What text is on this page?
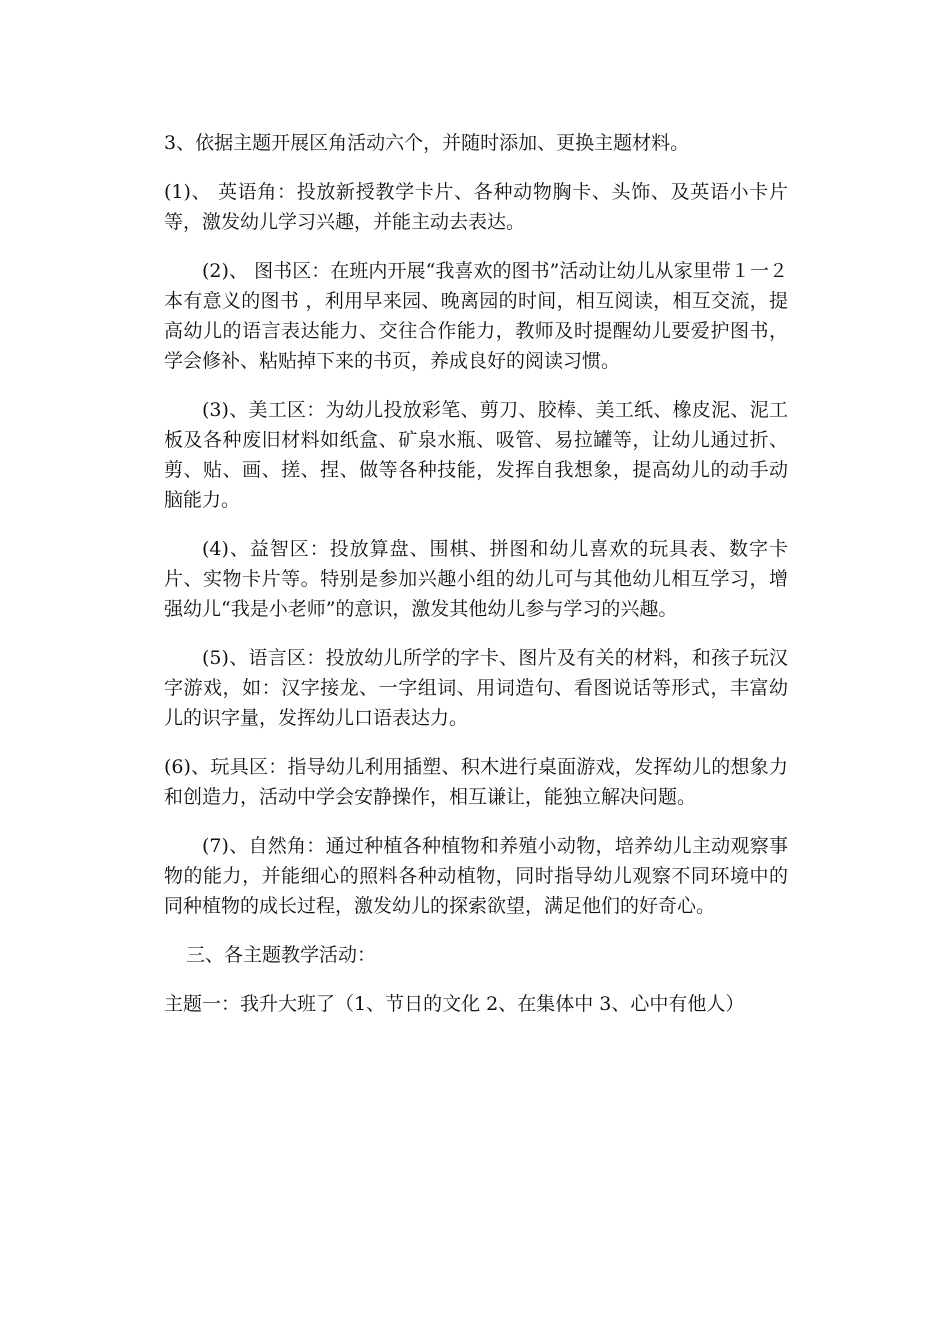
3、依据主题开展区角活动六个，并随时添加、更换主题材料。

(1)、 英语角：投放新授教学卡片、各种动物胸卡、头饰、及英语小卡片等，激发幼儿学习兴趣，并能主动去表达。

(2)、 图书区：在班内开展“我喜欢的图书”活动让幼儿从家里带１一２本有意义的图书 ，利用早来园、晚离园的时间，相互阅读，相互交流，提高幼儿的语言表达能力、交往合作能力，教师及时提醒幼儿要爱护图书，学会修补、粘贴掉下来的书页，养成良好的阅读习惯。

(3)、美工区：为幼儿投放彩笔、剪刀、胶棒、美工纸、橡皮泥、泥工板及各种废旧材料如纸盒、矿泉水瓶、吸管、易拉罐等，让幼儿通过折、剪、贴、画、搓、捏、做等各种技能，发挥自我想象，提高幼儿的动手动脑能力。

(4)、益智区：投放算盘、围棋、拼图和幼儿喜欢的玩具表、数字卡片、实物卡片等。特别是参加兴趣小组的幼儿可与其他幼儿相互学习，增强幼儿“我是小老师”的意识，激发其他幼儿参与学习的兴趣。

(5)、语言区：投放幼儿所学的字卡、图片及有关的材料，和孩子玩汉字游戏，如：汉字接龙、一字组词、用词造句、看图说话等形式，丰富幼儿的识字量，发挥幼儿口语表达力。

(6)、玩具区：指导幼儿利用插塑、积木进行桌面游戏，发挥幼儿的想象力和创造力，活动中学会安静操作，相互谦让，能独立解决问题。

(7)、自然角：通过种植各种植物和养殖小动物，培养幼儿主动观察事物的能力，并能细心的照料各种动植物，同时指导幼儿观察不同环境中的同种植物的成长过程，激发幼儿的探索欲望，满足他们的好奇心。

三、各主题教学活动：

主题一：我升大班了（1、节日的文化 2、在集体中 3、心中有他人）
